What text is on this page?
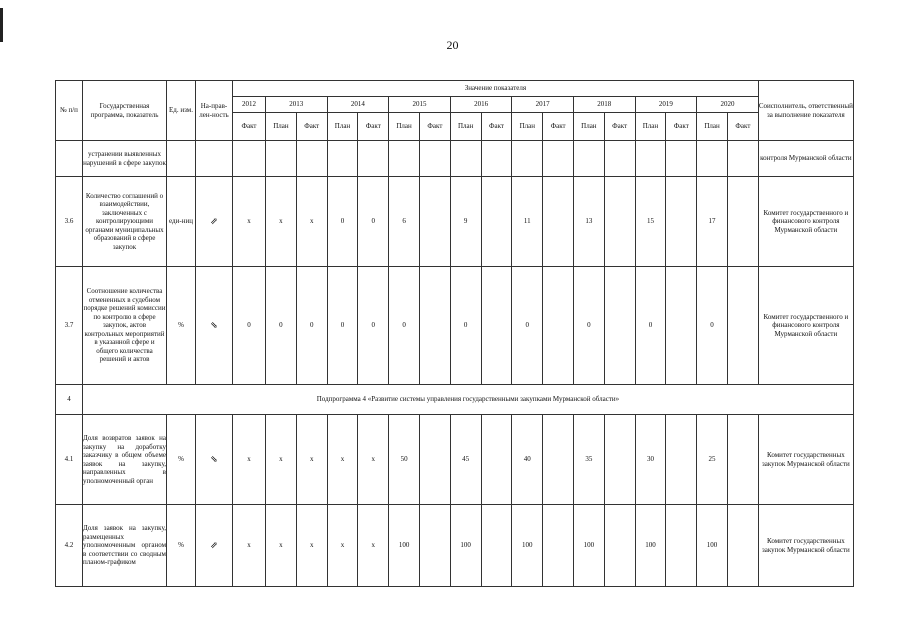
20
№ п/п	Государственная программа, показатель	Ед. изм.	На-прав-лен-ность	Значение показателя																	Соисполнитель, ответственный за выполнение показателя
				2012	2013		2014		2015		2016		2017		2018		2019		2020		
				Факт	План	Факт	План	Факт	План	Факт	План	Факт	План	Факт	План	Факт	План	Факт	План	Факт	
	устранении выявленных нарушений в сфере закупок																				контроля Мурманской области
3.6	Количество соглашений о взаимодействии, заключенных с контролирующими органами муниципальных образований в сфере закупок	еди-ниц	⇗	x	x	x	0	0	6		9		11		13		15		17		Комитет государственного и финансового контроля Мурманской области
3.7	Соотношение количества отмененных в судебном порядке решений комиссии по контролю в сфере закупок, актов контрольных мероприятий в указанной сфере и общего количества решений и актов	%	⇘	0	0	0	0	0	0		0		0		0		0		0		Комитет государственного и финансового контроля Мурманской области
4	Подпрограмма 4 «Развитие системы управления государственными закупками Мурманской области»																				
4.1	Доля возвратов заявок на закупку на доработку заказчику в общем объеме заявок на закупку, направленных в уполномоченный орган	%	⇘	x	x	x	x	x	50		45		40		35		30		25		Комитет государственных закупок Мурманской области
4.2	Доля заявок на закупку, размещенных уполномоченным органом в соответствии со сводным планом-графиком	%	⇗	x	x	x	x	x	100		100		100		100		100		100		Комитет государственных закупок Мурманской области
